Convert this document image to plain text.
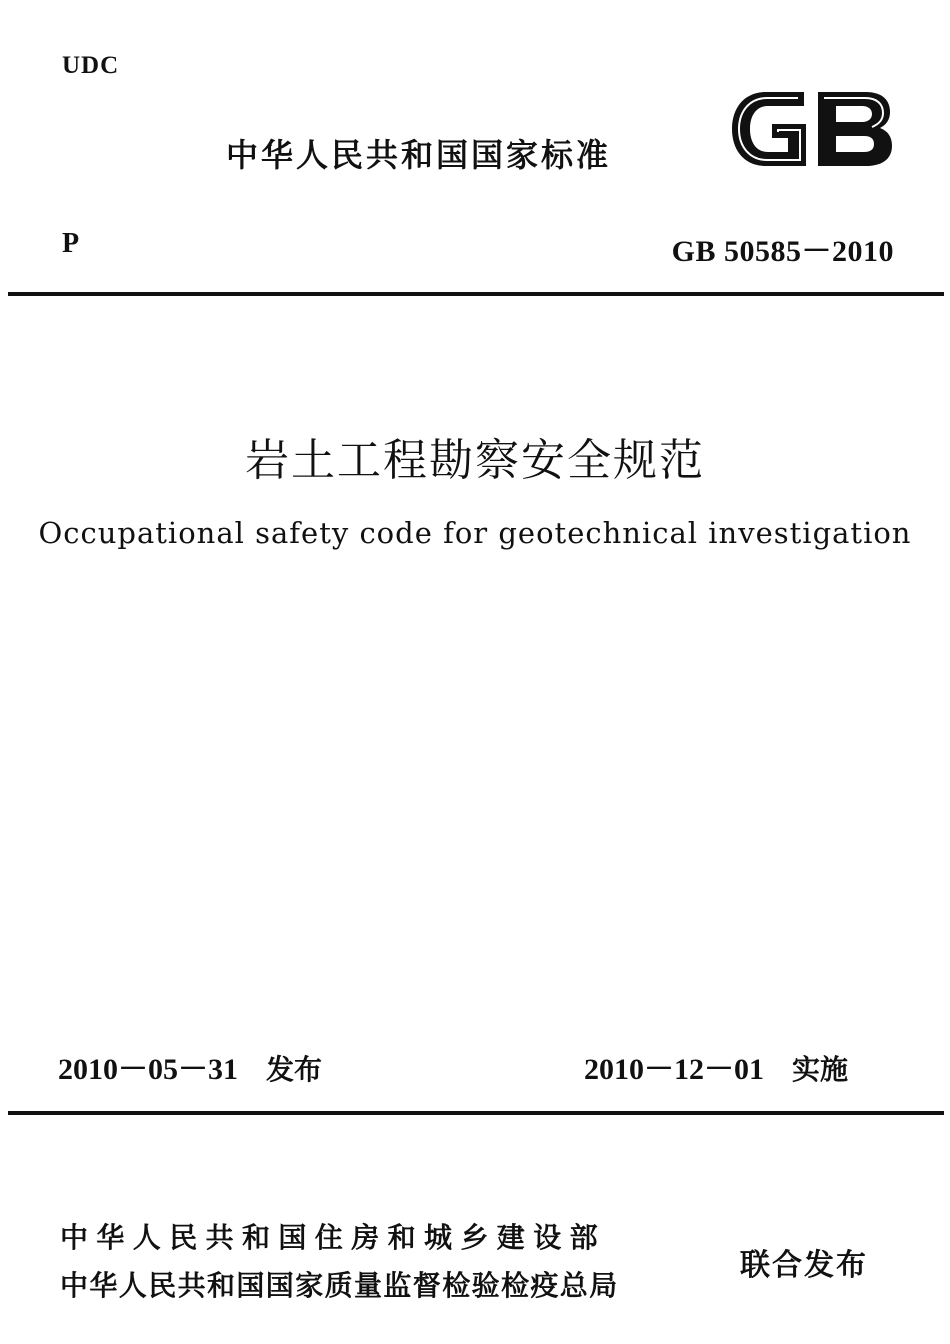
UDC
中华人民共和国国家标准
P	GB 50585－2010
岩土工程勘察安全规范
Occupational safety code for geotechnical investigation
2010－05－31 发布	2010－12－01 实施
中华人民共和国住房和城乡建设部
中华人民共和国国家质量监督检验检疫总局
联合发布
